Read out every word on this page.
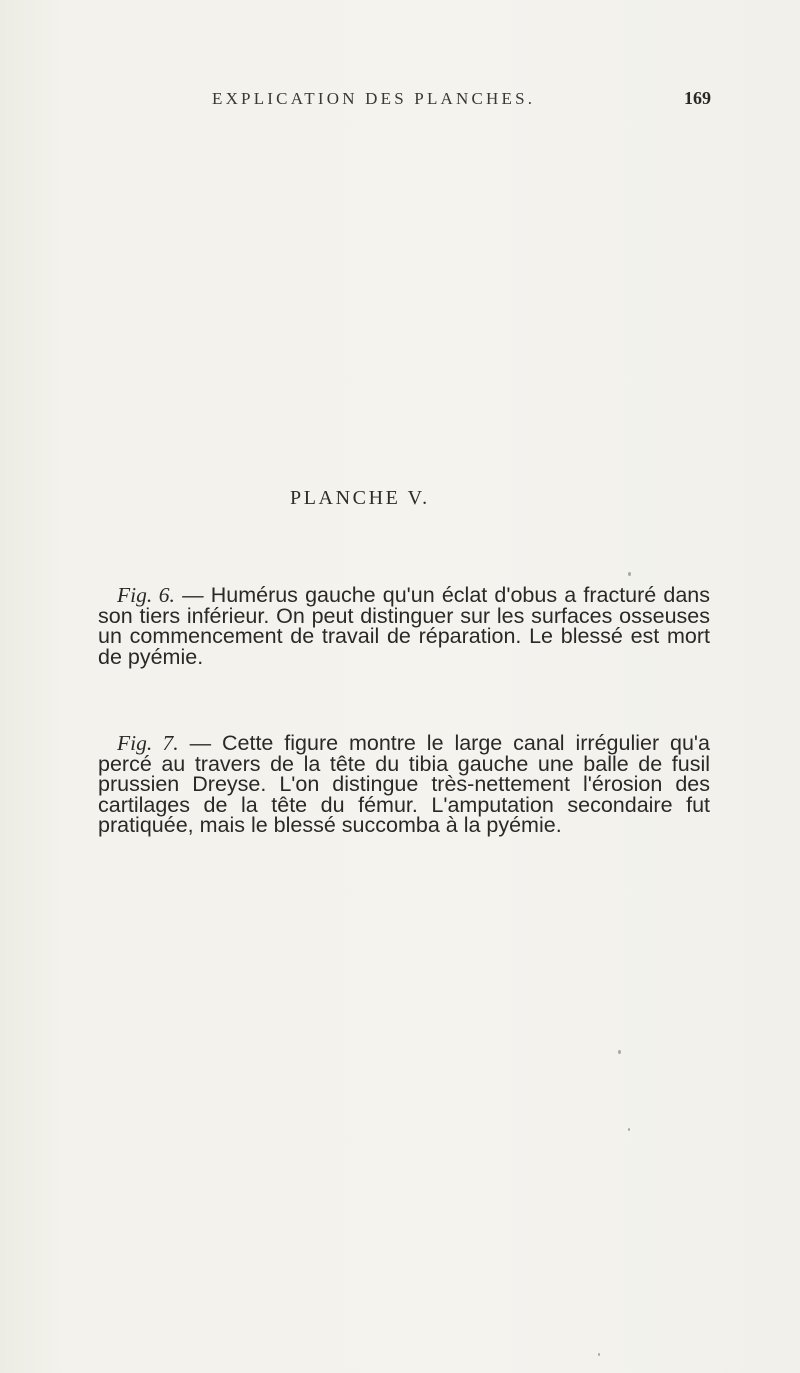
EXPLICATION DES PLANCHES.	169
PLANCHE V.
Fig. 6. — Humérus gauche qu'un éclat d'obus a fracturé dans son tiers inférieur. On peut distinguer sur les surfaces osseuses un commencement de travail de réparation. Le blessé est mort de pyémie.
Fig. 7. — Cette figure montre le large canal irrégulier qu'a percé au travers de la tête du tibia gauche une balle de fusil prussien Dreyse. L'on distingue très-nettement l'érosion des cartilages de la tête du fémur. L'amputation secondaire fut pratiquée, mais le blessé succomba à la pyémie.
